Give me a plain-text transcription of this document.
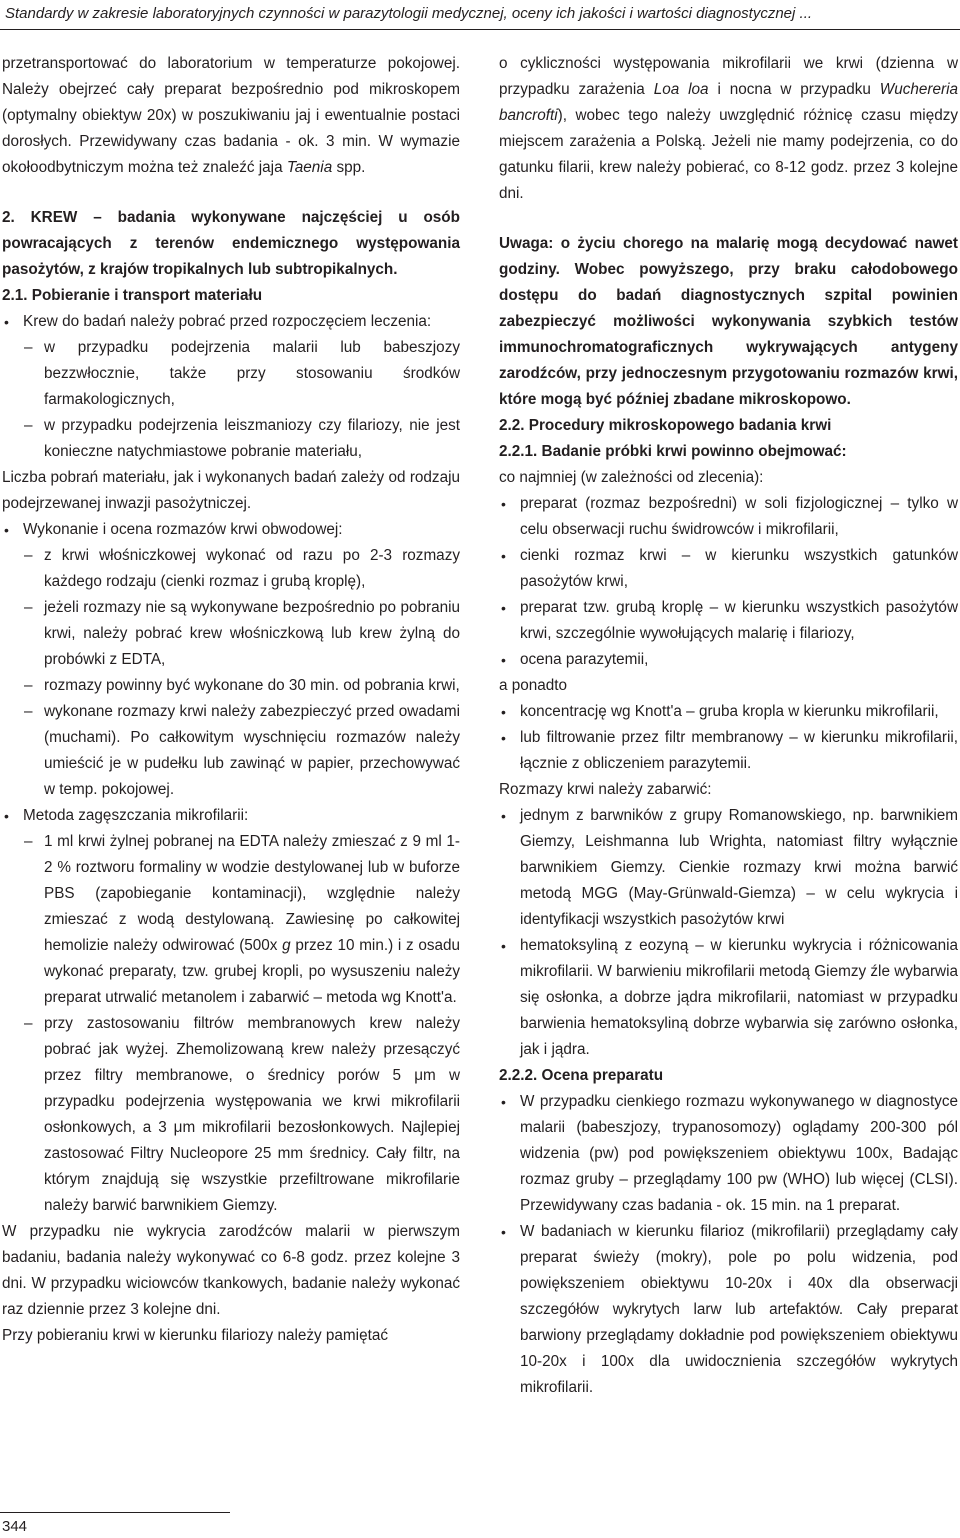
Standardy w zakresie laboratoryjnych czynności w parazytologii medycznej, oceny ich jakości i wartości diagnostycznej ...

przetransportować do laboratorium w temperaturze pokojowej. Należy obejrzeć cały preparat bezpośrednio pod mikroskopem (optymalny obiektyw 20x) w poszukiwaniu jaj i ewentualnie postaci dorosłych. Przewidywany czas badania - ok. 3 min. W wymazie okołoodbytniczym można też znaleźć jaja Taenia spp.

2. KREW – badania wykonywane najczęściej u osób powracających z terenów endemicznego występowania pasożytów, z krajów tropikalnych lub subtropikalnych.

2.1. Pobieranie i transport materiału

• Krew do badań należy pobrać przed rozpoczęciem leczenia:
– w przypadku podejrzenia malarii lub babeszjozy bezzwłocznie, także przy stosowaniu środków farmakologicznych,
– w przypadku podejrzenia leiszmaniozy czy filariozy, nie jest konieczne natychmiastowe pobranie materiału,

Liczba pobrań materiału, jak i wykonanych badań zależy od rodzaju podejrzewanej inwazji pasożytniczej.

• Wykonanie i ocena rozmazów krwi obwodowej:
– z krwi włośniczkowej wykonać od razu po 2-3 rozmazy każdego rodzaju (cienki rozmaz i grubą kroplę),
– jeżeli rozmazy nie są wykonywane bezpośrednio po pobraniu krwi, należy pobrać krew włośniczkową lub krew żylną do probówki z EDTA,
– rozmazy powinny być wykonane do 30 min. od pobrania krwi,
– wykonane rozmazy krwi należy zabezpieczyć przed owadami (muchami). Po całkowitym wyschnięciu rozmazów należy umieścić je w pudełku lub zawinąć w papier, przechowywać w temp. pokojowej.
• Metoda zagęszczania mikrofilarii:
– 1 ml krwi żylnej pobranej na EDTA należy zmieszać z 9 ml 1-2 % roztworu formaliny w wodzie destylowanej lub w buforze PBS (zapobieganie kontaminacji), względnie należy zmieszać z wodą destylowaną. Zawiesinę po całkowitej hemolizie należy odwirować (500x g przez 10 min.) i z osadu wykonać preparaty, tzw. grubej kropli, po wysuszeniu należy preparat utrwalić metanolem i zabarwić – metoda wg Knott'a.
– przy zastosowaniu filtrów membranowych krew należy pobrać jak wyżej. Zhemolizowaną krew należy przesączyć przez filtry membranowe, o średnicy porów 5 μm w przypadku podejrzenia występowania we krwi mikrofilarii osłonkowych, a 3 μm mikrofilarii bezosłonkowych. Najlepiej zastosować Filtry Nucleopore 25 mm średnicy. Cały filtr, na którym znajdują się wszystkie przefiltrowane mikrofilarie należy barwić barwnikiem Giemzy.

W przypadku nie wykrycia zarodźców malarii w pierwszym badaniu, badania należy wykonywać co 6-8 godz. przez kolejne 3 dni. W przypadku wiciowców tkankowych, badanie należy wykonać raz dziennie przez 3 kolejne dni.

Przy pobieraniu krwi w kierunku filariozy należy pamiętać

o cykliczności występowania mikrofilarii we krwi (dzienna w przypadku zarażenia Loa loa i nocna w przypadku Wuchereria bancrofti), wobec tego należy uwzględnić różnicę czasu między miejscem zarażenia a Polską. Jeżeli nie mamy podejrzenia, co do gatunku filarii, krew należy pobierać, co 8-12 godz. przez 3 kolejne dni.

Uwaga: o życiu chorego na malarię mogą decydować nawet godziny. Wobec powyższego, przy braku całodobowego dostępu do badań diagnostycznych szpital powinien zabezpieczyć możliwości wykonywania szybkich testów immunochromatograficznych wykrywających antygeny zarodźców, przy jednoczesnym przygotowaniu rozmazów krwi, które mogą być później zbadane mikroskopowo.

2.2. Procedury mikroskopowego badania krwi

2.2.1. Badanie próbki krwi powinno obejmować:

co najmniej (w zależności od zlecenia):

• preparat (rozmaz bezpośredni) w soli fizjologicznej – tylko w celu obserwacji ruchu świdrowców i mikrofilarii,
• cienki rozmaz krwi – w kierunku wszystkich gatunków pasożytów krwi,
• preparat tzw. grubą kroplę – w kierunku wszystkich pasożytów krwi, szczególnie wywołujących malarię i filariozy,
• ocena parazytemii,

a ponadto

• koncentrację wg Knott'a – gruba kropla w kierunku mikrofilarii,
• lub filtrowanie przez filtr membranowy – w kierunku mikrofilarii, łącznie z obliczeniem parazytemii.

Rozmazy krwi należy zabarwić:

• jednym z barwników z grupy Romanowskiego, np. barwnikiem Giemzy, Leishmanna lub Wrighta, natomiast filtry wyłącznie barwnikiem Giemzy. Cienkie rozmazy krwi można barwić metodą MGG (May-Grünwald-Giemza) – w celu wykrycia i identyfikacji wszystkich pasożytów krwi
• hematoksyliną z eozyną – w kierunku wykrycia i różnicowania mikrofilarii. W barwieniu mikrofilarii metodą Giemzy źle wybarwia się osłonka, a dobrze jądra mikrofilarii, natomiast w przypadku barwienia hematoksyliną dobrze wybarwia się zarówno osłonka, jak i jądra.

2.2.2. Ocena preparatu

• W przypadku cienkiego rozmazu wykonywanego w diagnostyce malarii (babeszjozy, trypanosomozy) oglądamy 200-300 pól widzenia (pw) pod powiększeniem obiektywu 100x, Badając rozmaz gruby – przeglądamy 100 pw (WHO) lub więcej (CLSI). Przewidywany czas badania - ok. 15 min. na 1 preparat.
• W badaniach w kierunku filarioz (mikrofilarii) przeglądamy cały preparat świeży (mokry), pole po polu widzenia, pod powiększeniem obiektywu 10-20x i 40x dla obserwacji szczegółów wykrytych larw lub artefaktów. Cały preparat barwiony przeglądamy dokładnie pod powiększeniem obiektywu 10-20x i 100x dla uwidocznienia szczegółów wykrytych mikrofilarii.
344
